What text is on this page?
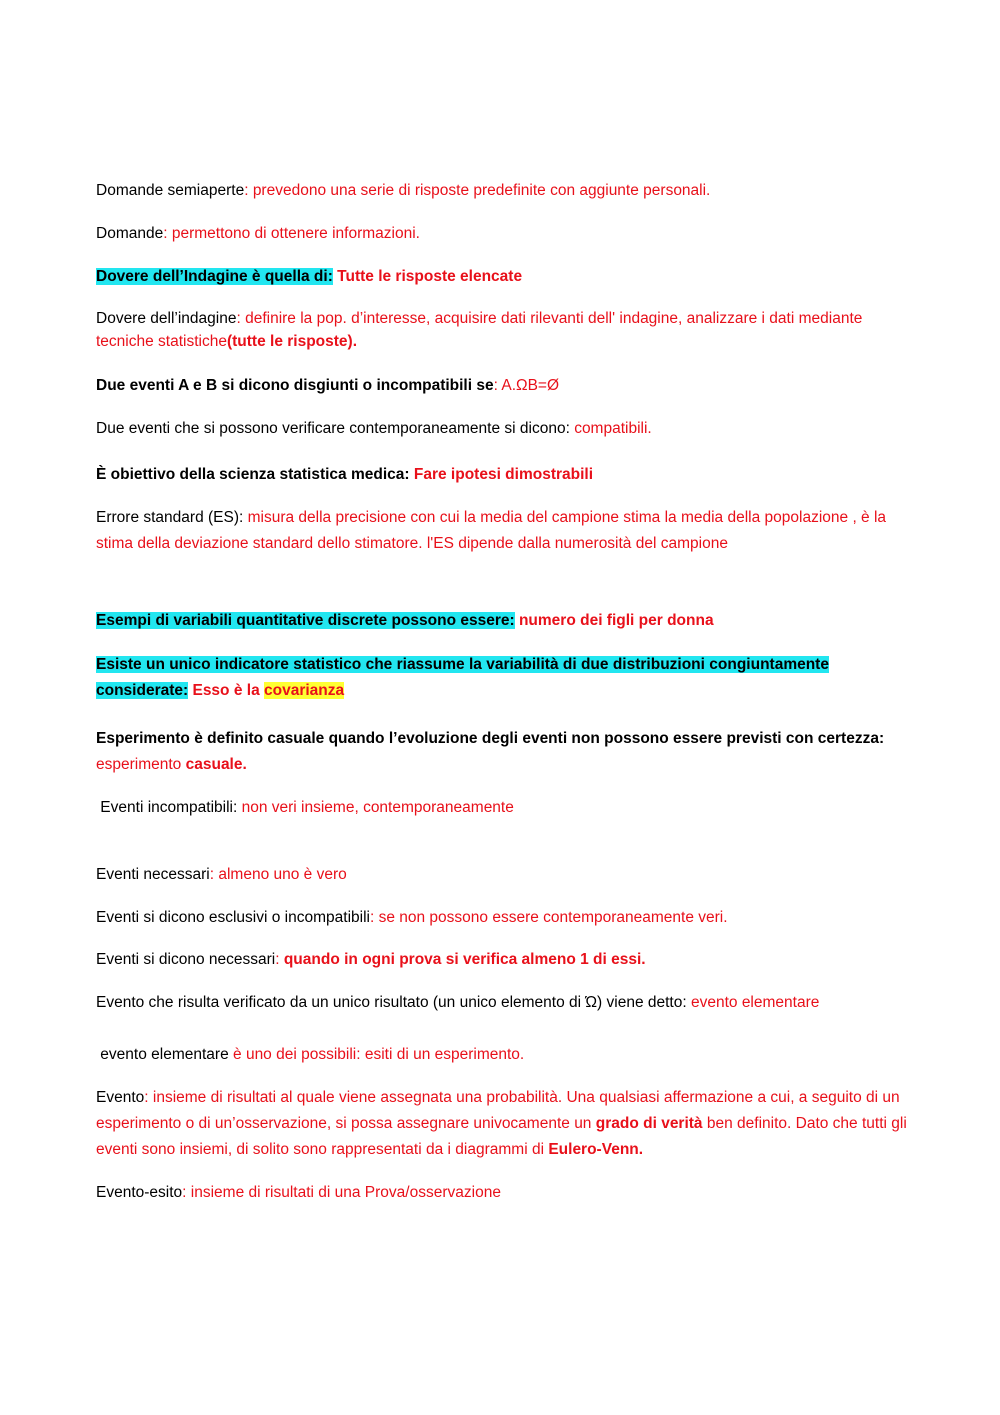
Domande semiaperte: prevedono una serie di risposte predefinite con aggiunte personali.

Domande: permettono di ottenere informazioni.

Dovere dell’Indagine è quella di: Tutte le risposte elencate

Dovere dell’indagine: definire la pop. d’interesse, acquisire dati rilevanti dell' indagine, analizzare i dati mediante tecniche statistiche(tutte le risposte).

Due eventi A e B si dicono disgiunti o incompatibili se: A.ΩB=Ø

Due eventi che si possono verificare contemporaneamente si dicono: compatibili.

È obiettivo della scienza statistica medica: Fare ipotesi dimostrabili

Errore standard (ES): misura della precisione con cui la media del campione stima la media della popolazione , è la stima della deviazione standard dello stimatore. l'ES dipende dalla numerosità del campione

Esempi di variabili quantitative discrete possono essere: numero dei figli per donna

Esiste un unico indicatore statistico che riassume la variabilità di due distribuzioni congiuntamente considerate: Esso è la covarianza

Esperimento è definito casuale quando l’evoluzione degli eventi non possono essere previsti con certezza: esperimento casuale.

Eventi incompatibili: non veri insieme, contemporaneamente

Eventi necessari: almeno uno è vero

Eventi si dicono esclusivi o incompatibili: se non possono essere contemporaneamente veri.

Eventi si dicono necessari: quando in ogni prova si verifica almeno 1 di essi.

Evento che risulta verificato da un unico risultato (un unico elemento di Ώ) viene detto: evento elementare

evento elementare è uno dei possibili: esiti di un esperimento.

Evento: insieme di risultati al quale viene assegnata una probabilità. Una qualsiasi affermazione a cui, a seguito di un esperimento o di un’osservazione, si possa assegnare univocamente un grado di verità ben definito. Dato che tutti gli eventi sono insiemi, di solito sono rappresentati da i diagrammi di Eulero-Venn.

Evento-esito: insieme di risultati di una Prova/osservazione
